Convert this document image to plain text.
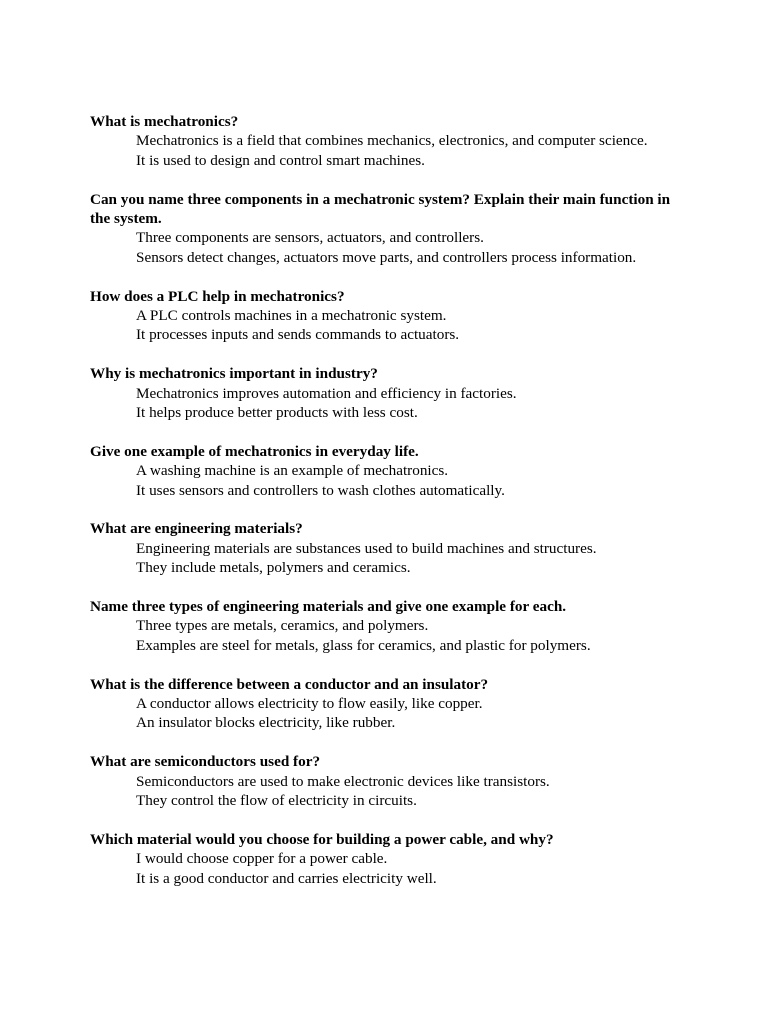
What is mechatronics?

Mechatronics is a field that combines mechanics, electronics, and computer science.

It is used to design and control smart machines.

Can you name three components in a mechatronic system? Explain their main function in the system.

Three components are sensors, actuators, and controllers.

Sensors detect changes, actuators move parts, and controllers process information.

How does a PLC help in mechatronics?

A PLC controls machines in a mechatronic system.

It processes inputs and sends commands to actuators.

Why is mechatronics important in industry?

Mechatronics improves automation and efficiency in factories.

It helps produce better products with less cost.

Give one example of mechatronics in everyday life.

A washing machine is an example of mechatronics.

It uses sensors and controllers to wash clothes automatically.

What are engineering materials?

Engineering materials are substances used to build machines and structures.

They include metals, polymers and ceramics.

Name three types of engineering materials and give one example for each.

Three types are metals, ceramics, and polymers.

Examples are steel for metals, glass for ceramics, and plastic for polymers.

What is the difference between a conductor and an insulator?

A conductor allows electricity to flow easily, like copper.

An insulator blocks electricity, like rubber.

What are semiconductors used for?

Semiconductors are used to make electronic devices like transistors.

They control the flow of electricity in circuits.

Which material would you choose for building a power cable, and why?

I would choose copper for a power cable.

It is a good conductor and carries electricity well.
